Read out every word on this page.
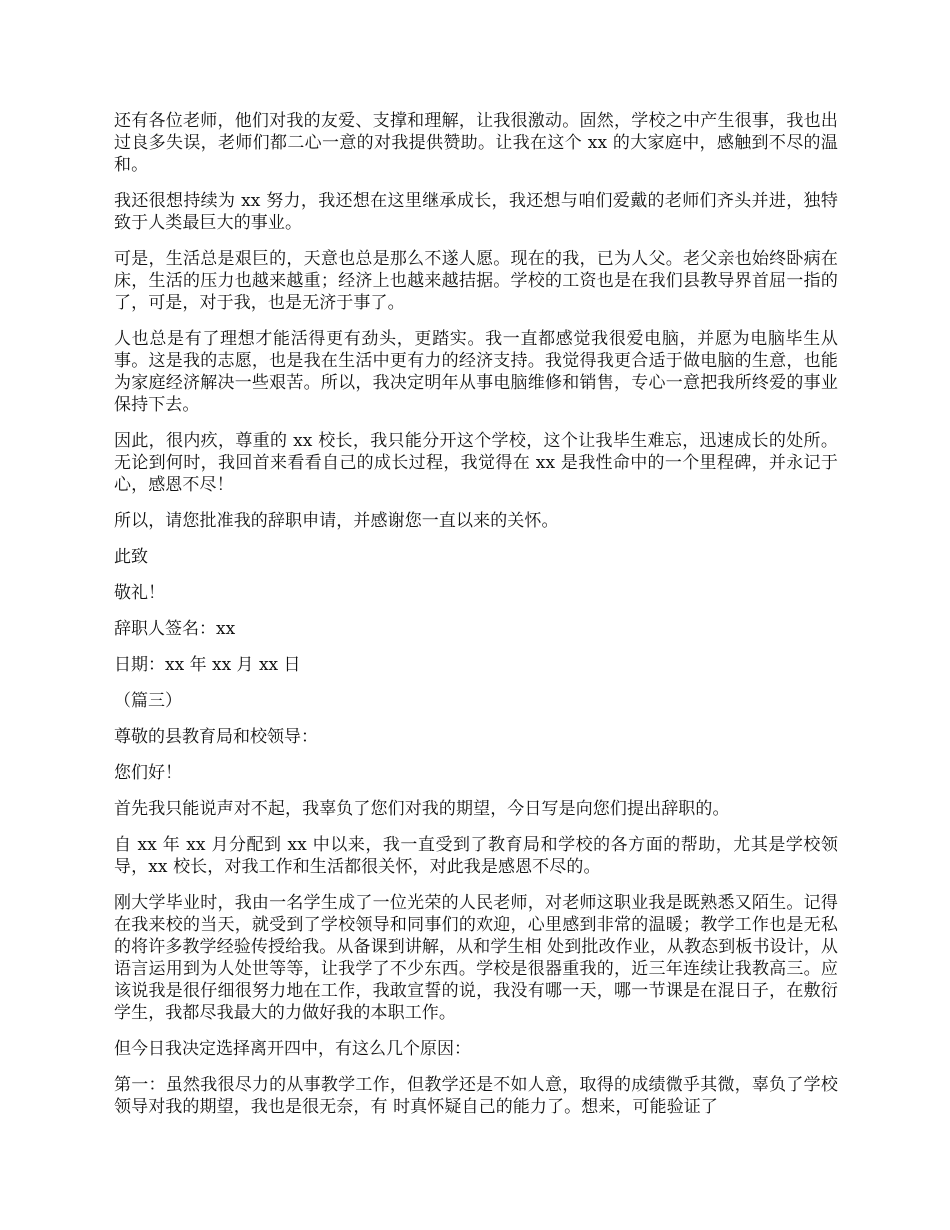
还有各位老师，他们对我的友爱、支撑和理解，让我很激动。固然，学校之中产生很事，我也出过良多失误，老师们都二心一意的对我提供赞助。让我在这个 xx 的大家庭中，感触到不尽的温和。

我还很想持续为 xx 努力，我还想在这里继承成长，我还想与咱们爱戴的老师们齐头并进，独特致于人类最巨大的事业。

可是，生活总是艰巨的，天意也总是那么不遂人愿。现在的我，已为人父。老父亲也始终卧病在床，生活的压力也越来越重；经济上也越来越拮据。学校的工资也是在我们县教导界首屈一指的了，可是，对于我，也是无济于事了。

人也总是有了理想才能活得更有劲头，更踏实。我一直都感觉我很爱电脑，并愿为电脑毕生从事。这是我的志愿，也是我在生活中更有力的经济支持。我觉得我更合适于做电脑的生意，也能为家庭经济解决一些艰苦。所以，我决定明年从事电脑维修和销售，专心一意把我所终爱的事业保持下去。

因此，很内疚，尊重的 xx 校长，我只能分开这个学校，这个让我毕生难忘，迅速成长的处所。无论到何时，我回首来看看自己的成长过程，我觉得在 xx 是我性命中的一个里程碑，并永记于心，感恩不尽！

所以，请您批准我的辞职申请，并感谢您一直以来的关怀。

此致

敬礼！

辞职人签名：xx

日期：xx 年 xx 月 xx 日

（篇三）

尊敬的县教育局和校领导：

您们好！

首先我只能说声对不起，我辜负了您们对我的期望，今日写是向您们提出辞职的。

自 xx 年 xx 月分配到 xx 中以来，我一直受到了教育局和学校的各方面的帮助，尤其是学校领导，xx 校长，对我工作和生活都很关怀，对此我是感恩不尽的。

刚大学毕业时，我由一名学生成了一位光荣的人民老师，对老师这职业我是既熟悉又陌生。记得在我来校的当天，就受到了学校领导和同事们的欢迎，心里感到非常的温暖；教学工作也是无私的将许多教学经验传授给我。从备课到讲解，从和学生相 处到批改作业，从教态到板书设计，从语言运用到为人处世等等，让我学了不少东西。学校是很器重我的，近三年连续让我教高三。应该说我是很仔细很努力地在工作，我敢宣誓的说，我没有哪一天，哪一节课是在混日子，在敷衍学生，我都尽我最大的力做好我的本职工作。

但今日我决定选择离开四中，有这么几个原因：

第一：虽然我很尽力的从事教学工作，但教学还是不如人意，取得的成绩微乎其微，辜负了学校领导对我的期望，我也是很无奈，有 时真怀疑自己的能力了。想来，可能验证了
